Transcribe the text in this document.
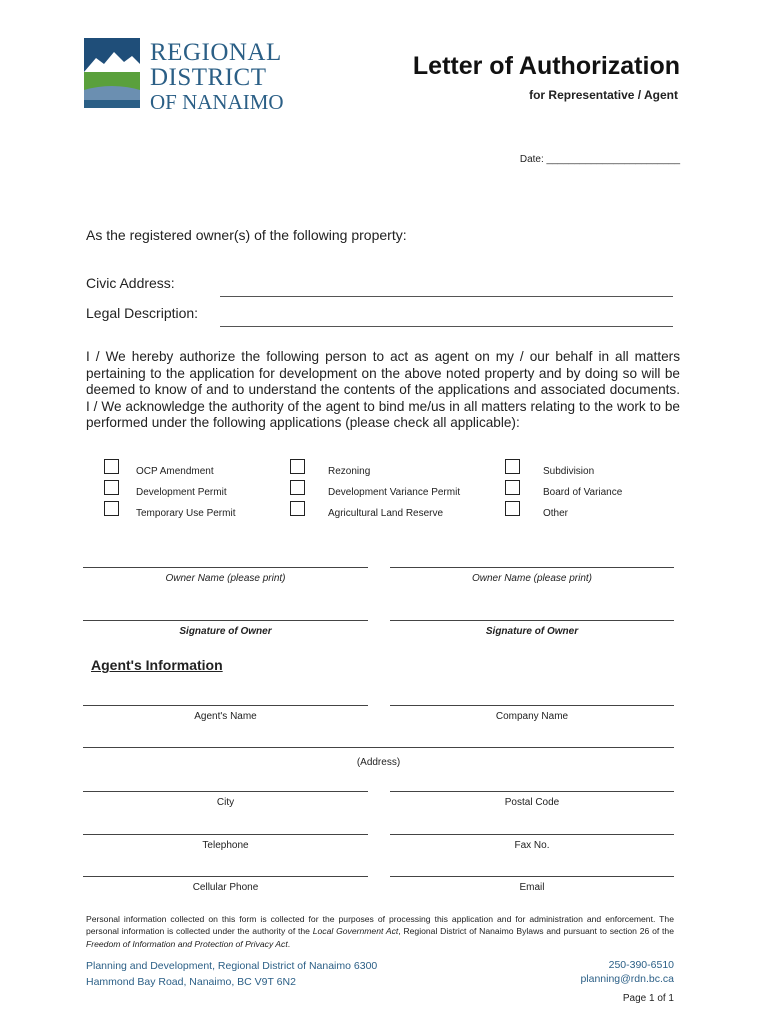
REGIONAL
DISTRICT
OF NANAIMO
Letter of Authorization
for Representative / Agent
Date: ________________________
As the registered owner(s) of the following property:
Civic Address:
Legal Description:
I / We hereby authorize the following person to act as agent on my / our behalf in all matters pertaining to the application for development on the above noted property and by doing so will be deemed to know of and to understand the contents of the applications and associated documents. I / We acknowledge the authority of the agent to bind me/us in all matters relating to the work to be performed under the following applications (please check all applicable):
OCP Amendment	Rezoning	Subdivision
Development Permit	Development Variance Permit	Board of Variance
Temporary Use Permit	Agricultural Land Reserve	Other
Owner Name (please print)	Owner Name (please print)
Signature of Owner	Signature of Owner
Agent's Information
Agent's Name	Company Name
(Address)
City	Postal Code
Telephone	Fax No.
Cellular Phone	Email
Personal information collected on this form is collected for the purposes of processing this application and for administration and enforcement. The personal information is collected under the authority of the Local Government Act, Regional District of Nanaimo Bylaws and pursuant to section 26 of the Freedom of Information and Protection of Privacy Act.
Planning and Development, Regional District of Nanaimo 6300
Hammond Bay Road, Nanaimo, BC V9T 6N2
250-390-6510
planning@rdn.bc.ca
Page 1 of 1
